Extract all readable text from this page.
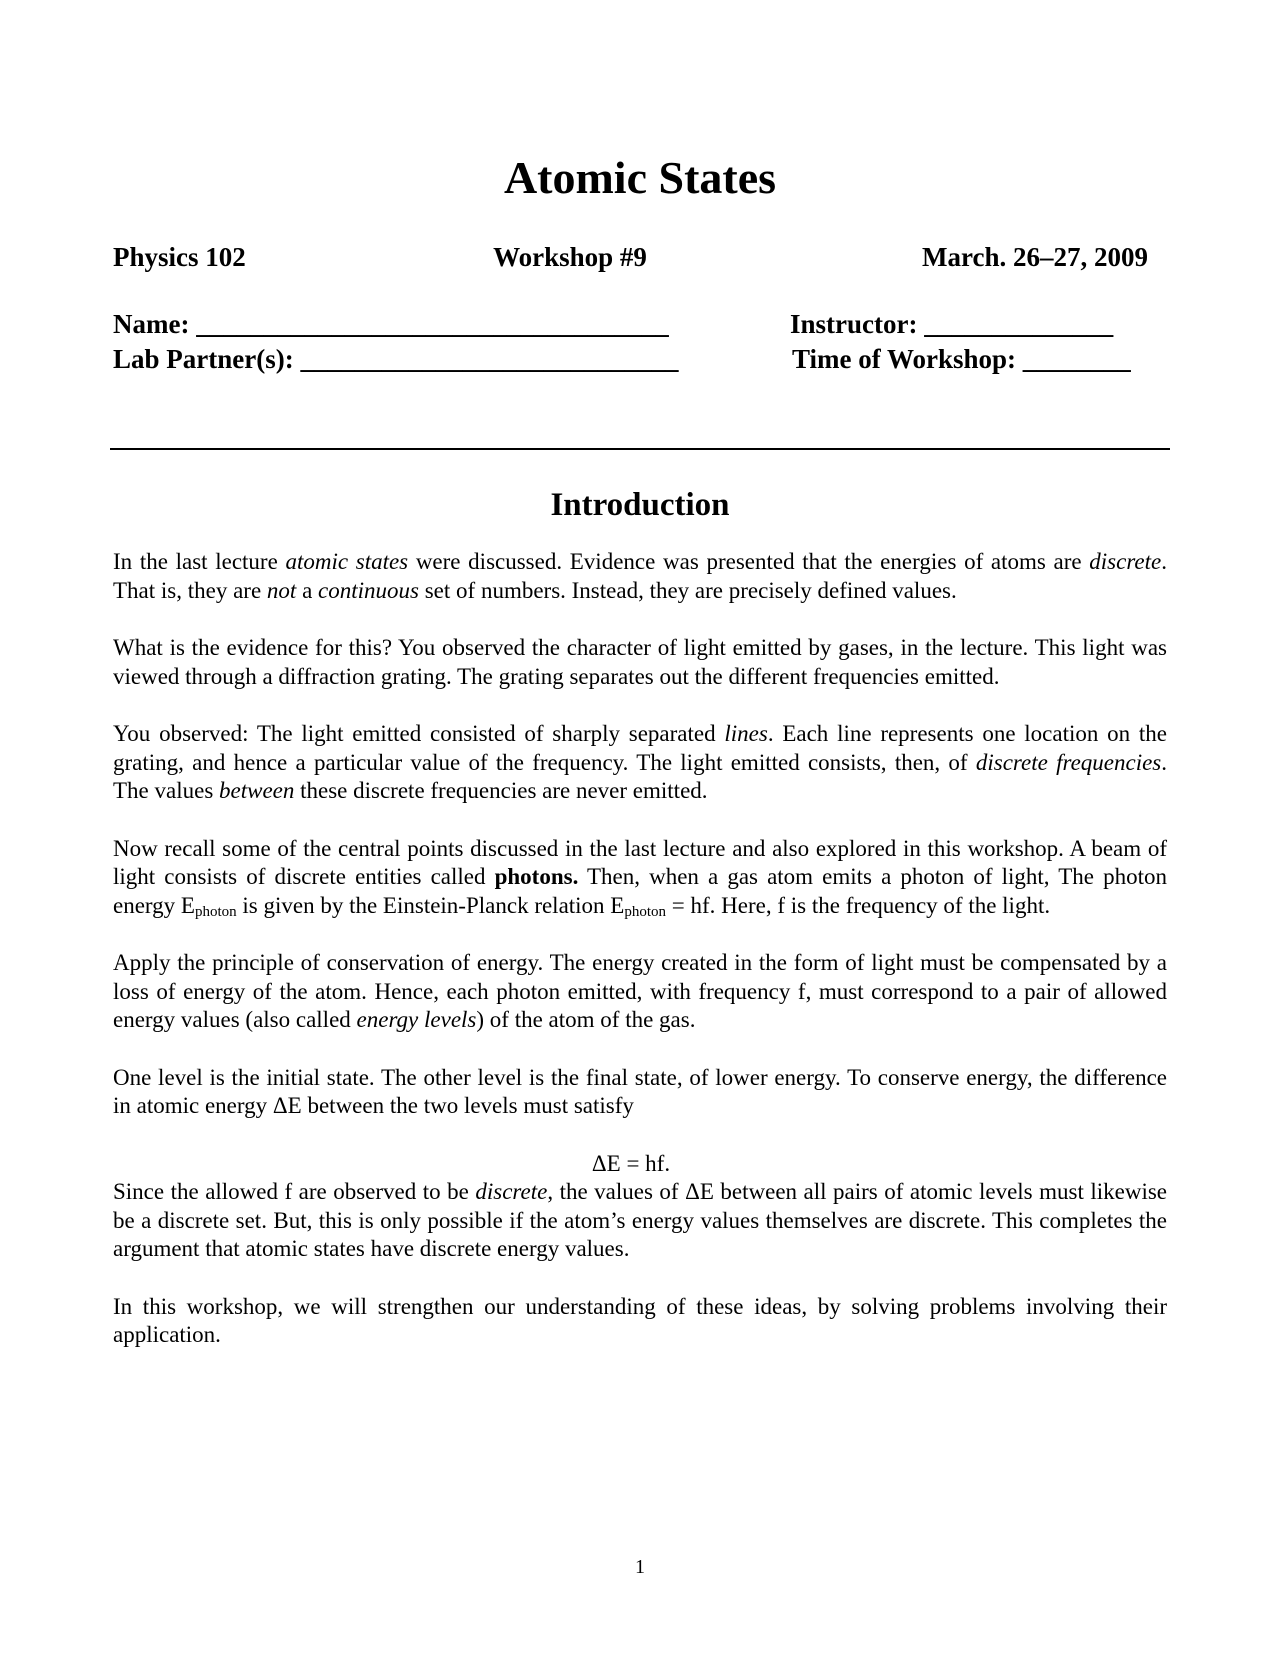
Atomic States
Physics 102	Workshop #9	March. 26–27, 2009
Name: ___________________________________
Lab Partner(s): ____________________________
Instructor: ______________
Time of Workshop: ________
Introduction

In the last lecture atomic states were discussed. Evidence was presented that the energies of atoms are discrete. That is, they are not a continuous set of numbers. Instead, they are precisely defined values.

What is the evidence for this? You observed the character of light emitted by gases, in the lecture. This light was viewed through a diffraction grating. The grating separates out the different frequencies emitted.

You observed: The light emitted consisted of sharply separated lines. Each line represents one location on the grating, and hence a particular value of the frequency. The light emitted consists, then, of discrete frequencies. The values between these discrete frequencies are never emitted.

Now recall some of the central points discussed in the last lecture and also explored in this workshop. A beam of light consists of discrete entities called photons. Then, when a gas atom emits a photon of light, The photon energy $E_{photon}$ is given by the Einstein-Planck relation $E_{photon}$ = hf. Here, f is the frequency of the light.

Apply the principle of conservation of energy. The energy created in the form of light must be compensated by a loss of energy of the atom. Hence, each photon emitted, with frequency f, must correspond to a pair of allowed energy values (also called energy levels) of the atom of the gas.

One level is the initial state. The other level is the final state, of lower energy. To conserve energy, the difference in atomic energy ΔE between the two levels must satisfy

ΔE = hf.

Since the allowed f are observed to be discrete, the values of ΔE between all pairs of atomic levels must likewise be a discrete set. But, this is only possible if the atom’s energy values themselves are discrete. This completes the argument that atomic states have discrete energy values.

In this workshop, we will strengthen our understanding of these ideas, by solving problems involving their application.

1
